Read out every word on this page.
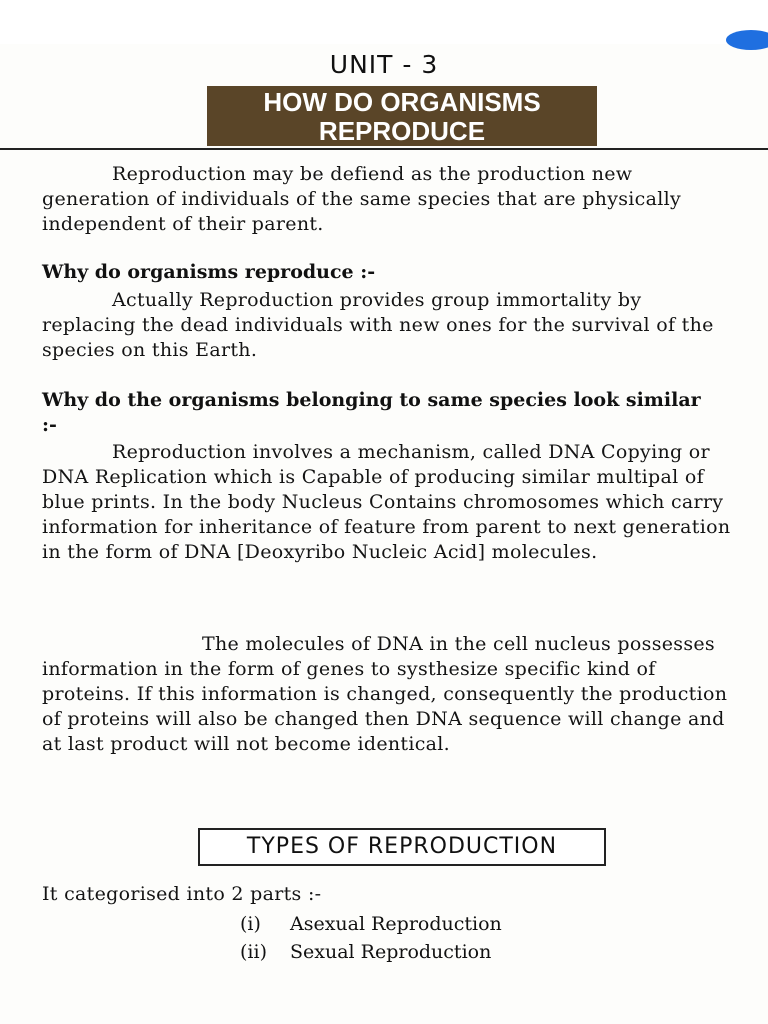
UNIT - 3
HOW DO ORGANISMS
REPRODUCE

Reproduction may be defiend as the production new generation of individuals of the same species that are physically independent of their parent.

Why do organisms reproduce :-

Actually Reproduction provides group immortality by replacing the dead individuals with new ones for the survival of the species on this Earth.

Why do the organisms belonging to same species look similar :-

Reproduction involves a mechanism, called DNA Copying or DNA Replication which is Capable of producing similar multipal of blue prints. In the body Nucleus Contains chromosomes which carry information for inheritance of feature from parent to next generation in the form of DNA [Deoxyribo Nucleic Acid] molecules.

The molecules of DNA in the cell nucleus possesses information in the form of genes to systhesize specific kind of proteins. If this information is changed, consequently the production of proteins will also be changed then DNA sequence will change and at last product will not become identical.

TYPES OF REPRODUCTION
It categorised into 2 parts :-
(i) Asexual Reproduction
(ii) Sexual Reproduction
